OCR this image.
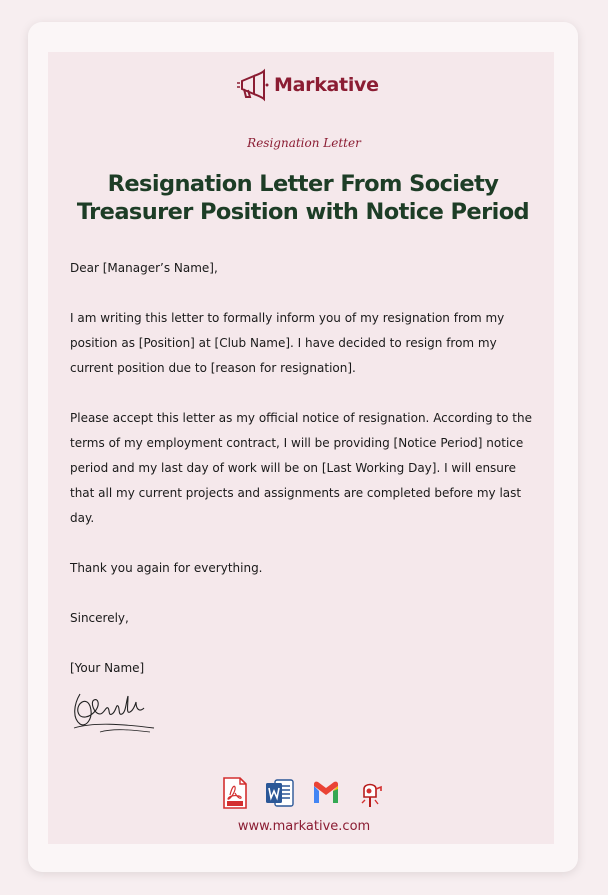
Markative
Resignation Letter
Resignation Letter From Society Treasurer Position with Notice Period

Dear [Manager’s Name],

I am writing this letter to formally inform you of my resignation from my position as [Position] at [Club Name]. I have decided to resign from my current position due to [reason for resignation].

Please accept this letter as my official notice of resignation. According to the terms of my employment contract, I will be providing [Notice Period] notice period and my last day of work will be on [Last Working Day]. I will ensure that all my current projects and assignments are completed before my last day.

Thank you again for everything.

Sincerely,

[Your Name]

www.markative.com
